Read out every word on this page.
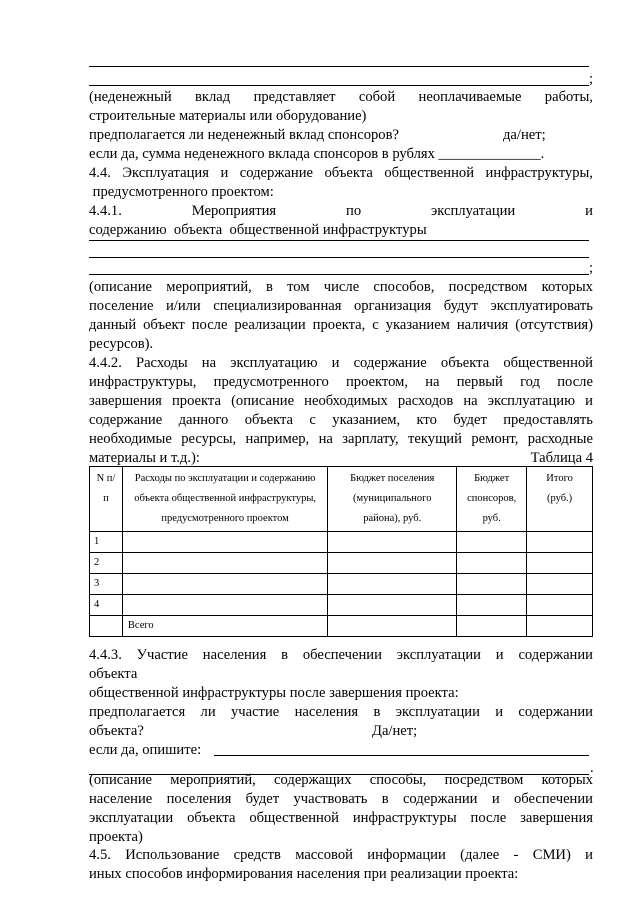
;
(неденежный вклад представляет собой неоплачиваемые работы,
строительные материалы или оборудование)
предполагается ли неденежный вклад спонсоров?	да/нет;
если да, сумма неденежного вклада спонсоров в рублях ______________.
4.4. Эксплуатация и содержание объекта общественной инфраструктуры,
предусмотренного проектом:
4.4.1.	Мероприятия	по	эксплуатации	и
содержанию  объекта  общественной инфраструктуры
;
(описание мероприятий, в том числе способов, посредством которых
поселение и/или специализированная организация будут эксплуатировать
данный объект после реализации проекта, с указанием наличия (отсутствия)
ресурсов).
4.4.2. Расходы на эксплуатацию и содержание объекта общественной
инфраструктуры, предусмотренного проектом, на первый год после
завершения проекта (описание необходимых расходов на эксплуатацию и
содержание данного объекта с указанием, кто будет предоставлять
необходимые ресурсы, например, на зарплату, текущий ремонт, расходные
материалы и т.д.):	Таблица 4
N п/п	Расходы по эксплуатации и содержанию объекта общественной инфраструктуры, предусмотренного проектом	Бюджет поселения (муниципального района), руб.	Бюджет спонсоров, руб.	Итого (руб.)
1				
2				
3				
4				
	Всего			
4.4.3. Участие населения в обеспечении эксплуатации и содержании
объекта
общественной инфраструктуры после завершения проекта:
предполагается ли участие населения в эксплуатации и содержании
объекта?	Да/нет;
если да, опишите:
.
(описание мероприятий, содержащих способы, посредством которых
население поселения будет участвовать в содержании и обеспечении
эксплуатации объекта общественной инфраструктуры после завершения
проекта)
4.5. Использование средств массовой информации (далее - СМИ) и
иных способов информирования населения при реализации проекта:
